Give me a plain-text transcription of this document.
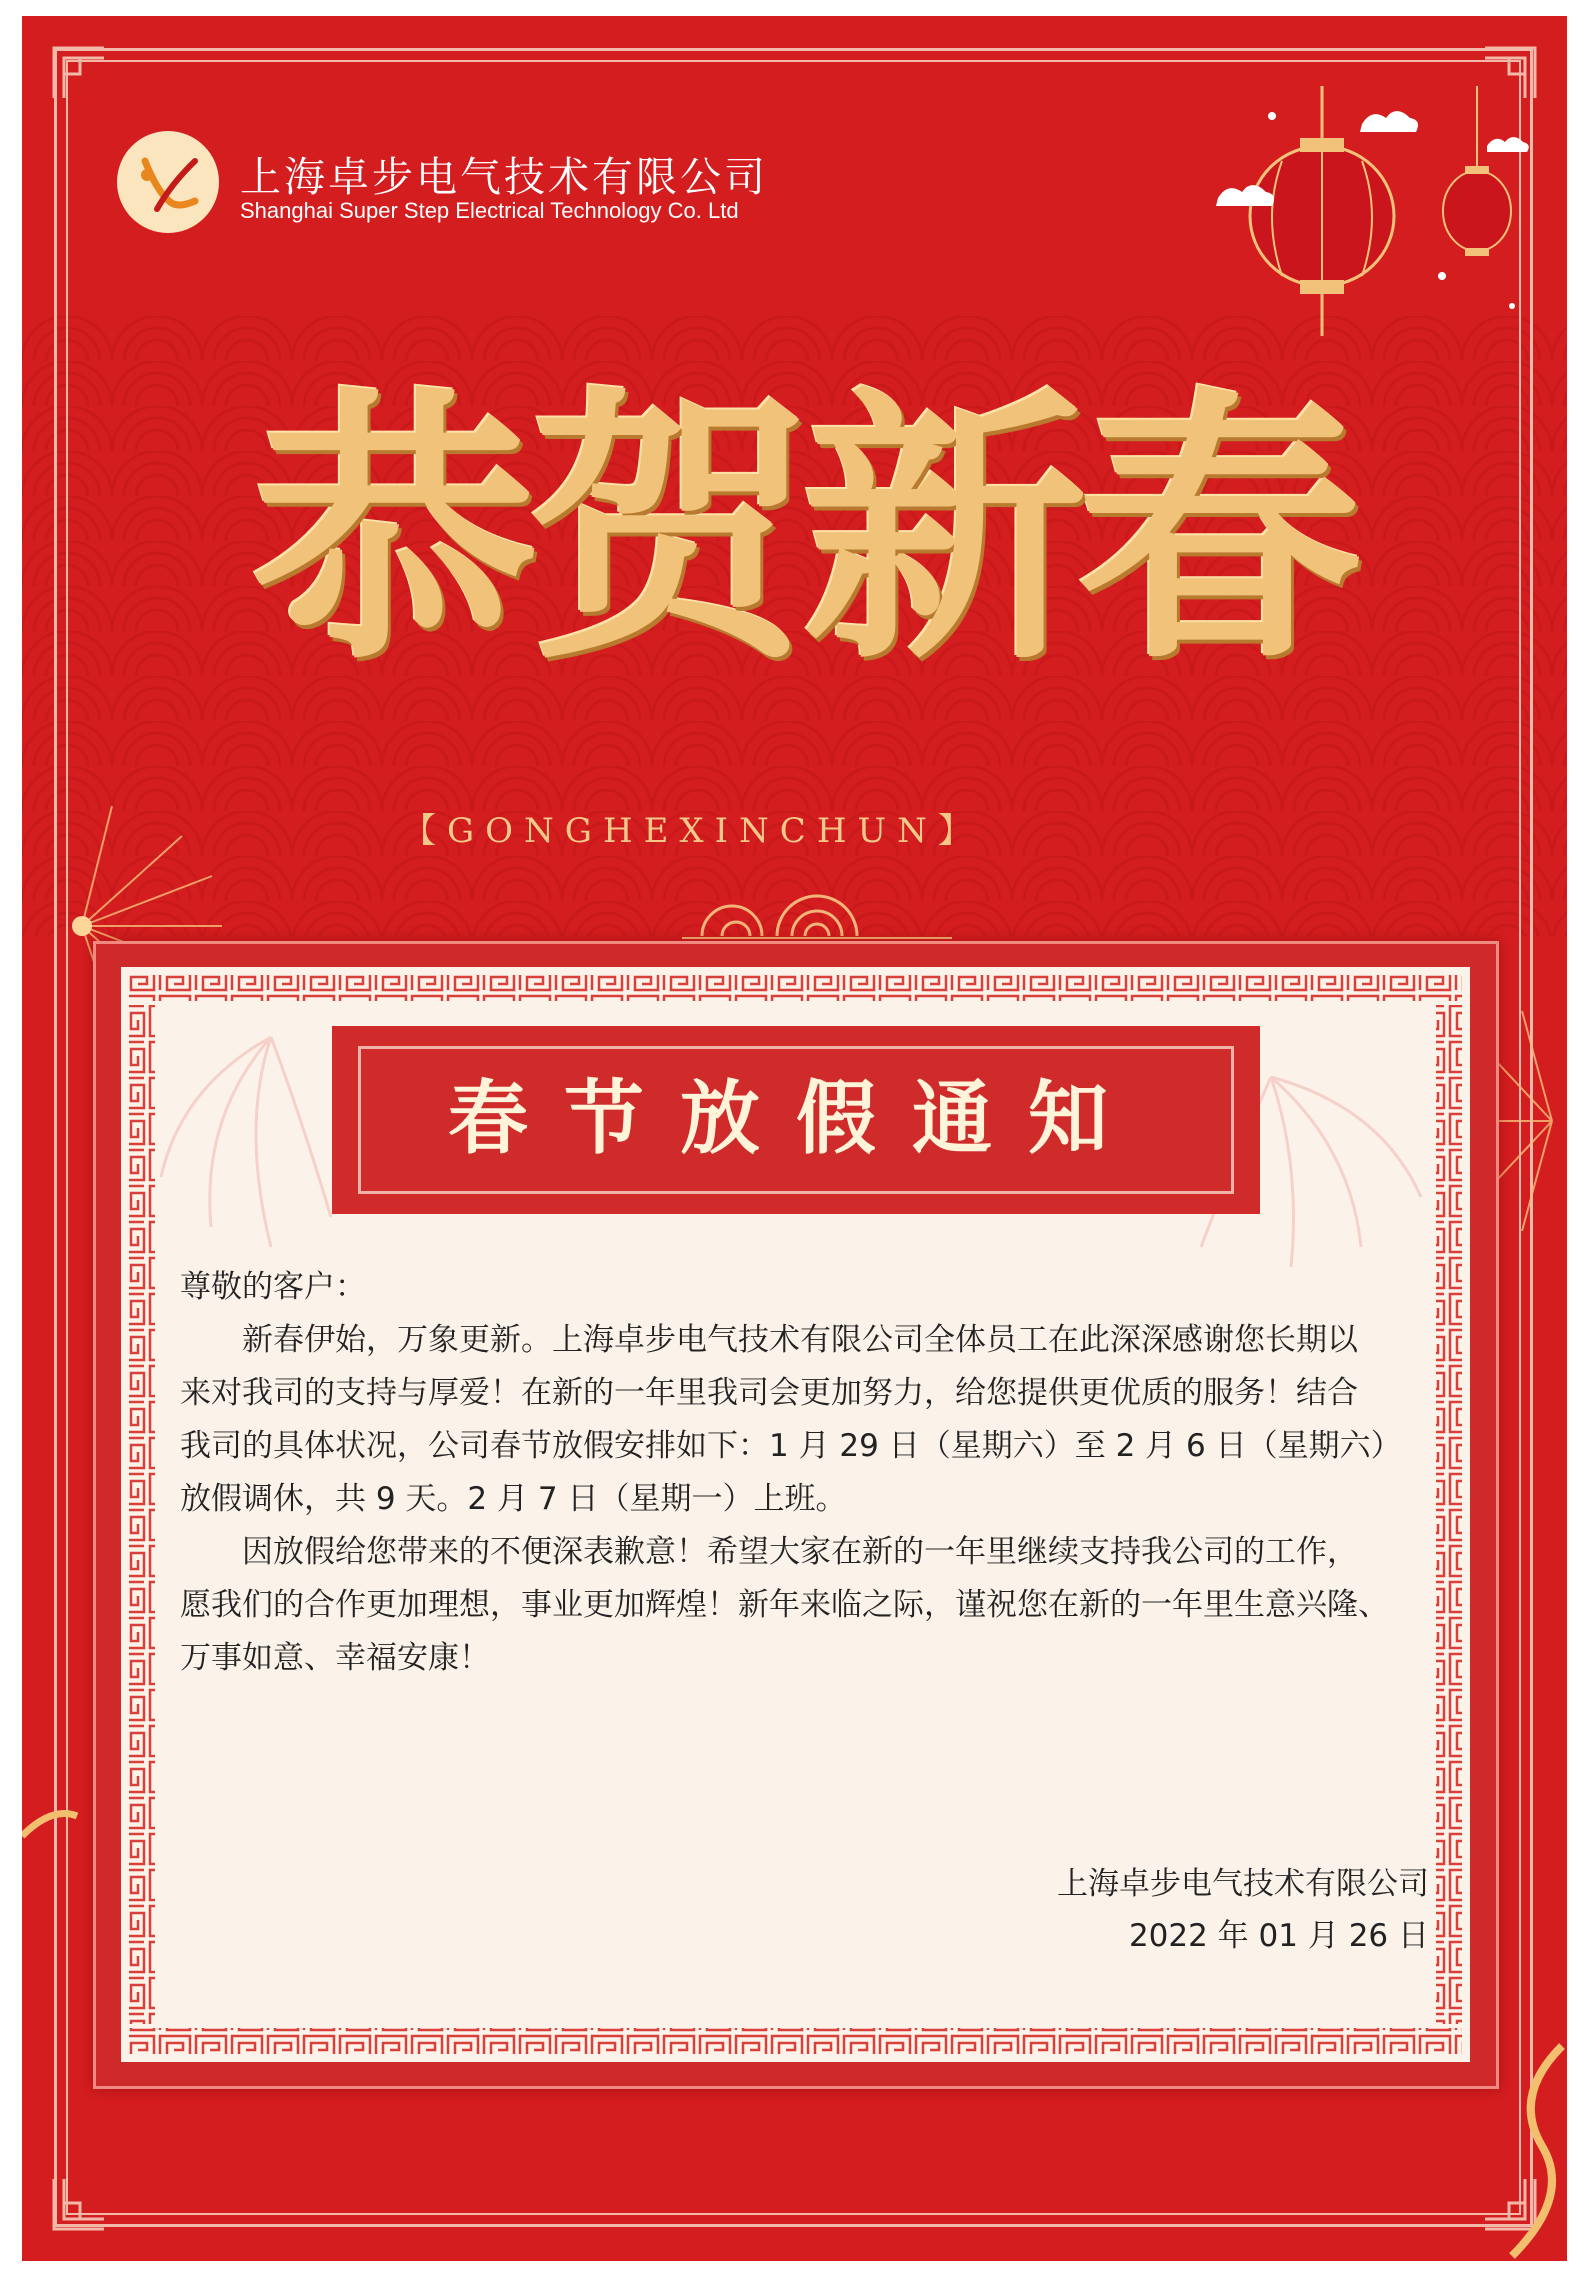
上海卓步电气技术有限公司
Shanghai Super Step Electrical Technology Co. Ltd
恭贺新春
【GONGHEXINCHUN】
春节放假通知

尊敬的客户：

新春伊始，万象更新。上海卓步电气技术有限公司全体员工在此深深感谢您长期以

来对我司的支持与厚爱！在新的一年里我司会更加努力，给您提供更优质的服务！结合

我司的具体状况，公司春节放假安排如下：1 月 29 日（星期六）至 2 月 6 日（星期六）

放假调休，共 9 天。2 月 7 日（星期一）上班。

因放假给您带来的不便深表歉意！希望大家在新的一年里继续支持我公司的工作，

愿我们的合作更加理想，事业更加辉煌！新年来临之际，谨祝您在新的一年里生意兴隆、

万事如意、幸福安康！

上海卓步电气技术有限公司
2022 年 01 月 26 日
